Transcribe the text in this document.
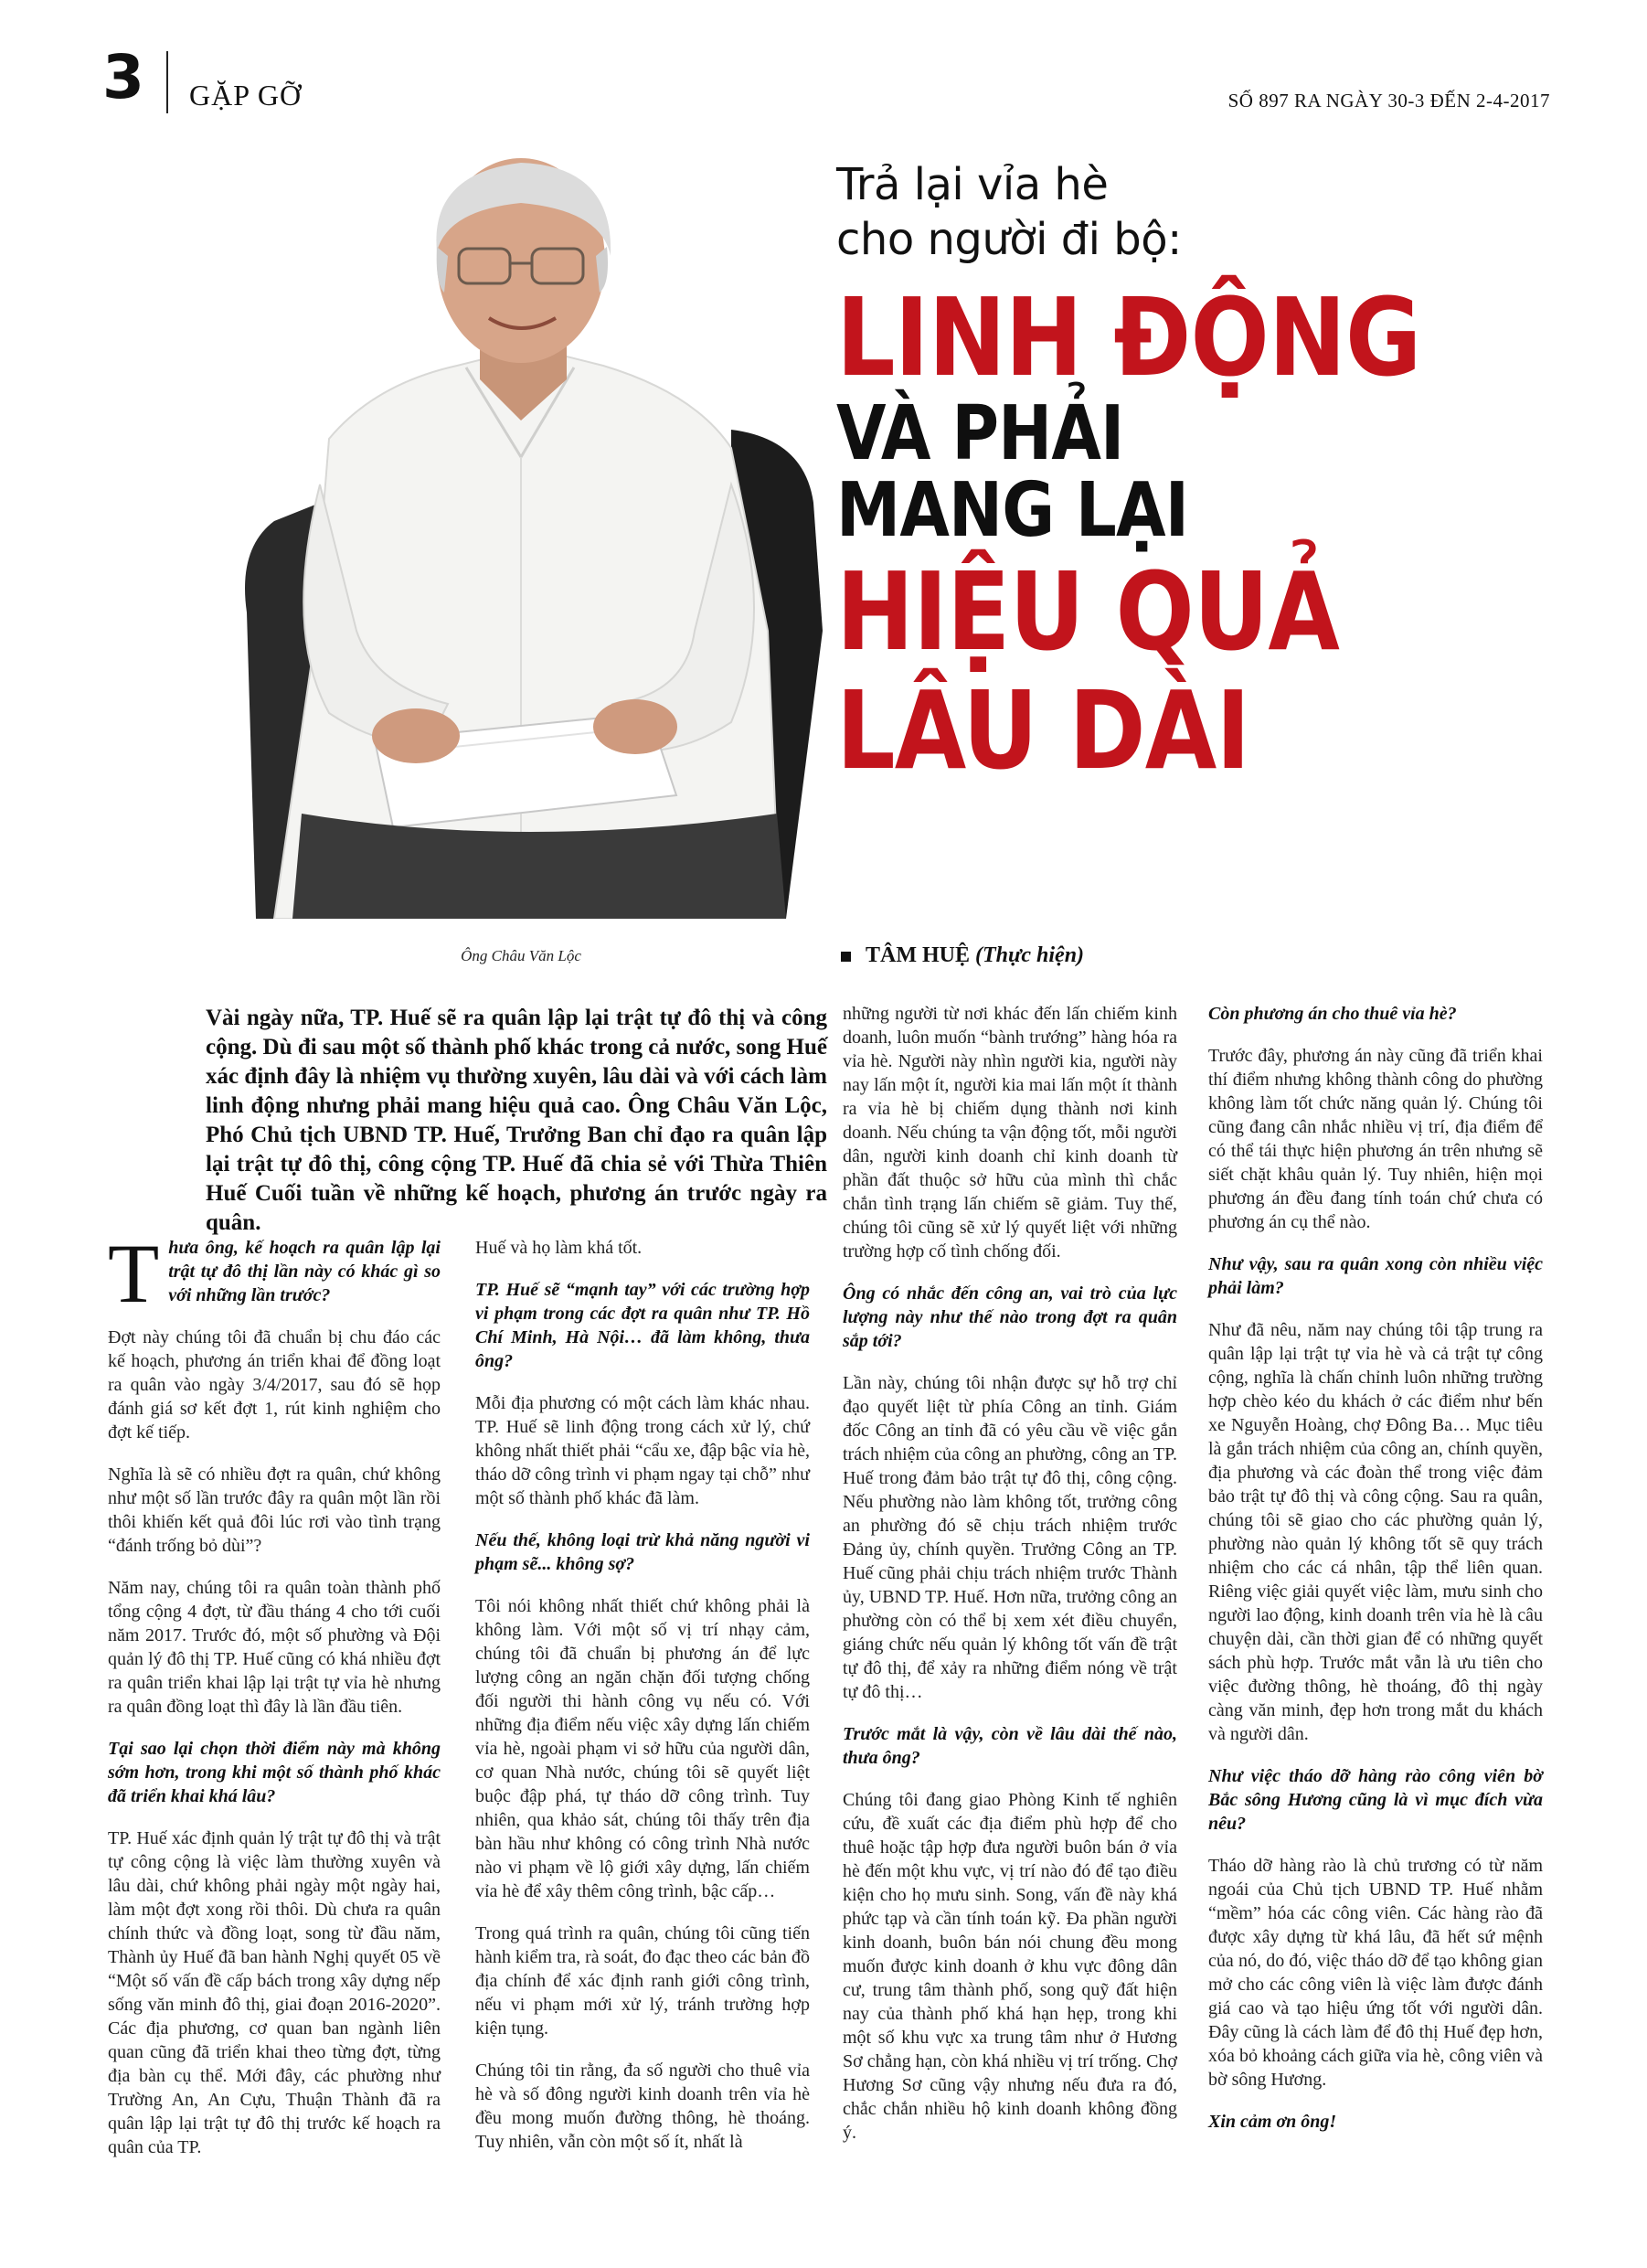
3 GẶP GỠ	SỐ 897 RA NGÀY 30-3 ĐẾN 2-4-2017
Ông Châu Văn Lộc
Trả lại vỉa hè
cho người đi bộ:
LINH ĐỘNG
VÀ PHẢI
MANG LẠI
HIỆU QUẢ
LÂU DÀI
TÂM HUỆ (Thực hiện)
Vài ngày nữa, TP. Huế sẽ ra quân lập lại trật tự đô thị và công cộng. Dù đi sau một số thành phố khác trong cả nước, song Huế xác định đây là nhiệm vụ thường xuyên, lâu dài và với cách làm linh động nhưng phải mang hiệu quả cao. Ông Châu Văn Lộc, Phó Chủ tịch UBND TP. Huế, Trưởng Ban chỉ đạo ra quân lập lại trật tự đô thị, công cộng TP. Huế đã chia sẻ với Thừa Thiên Huế Cuối tuần về những kế hoạch, phương án trước ngày ra quân.

Thưa ông, kế hoạch ra quân lập lại trật tự đô thị lần này có khác gì so với những lần trước?

Đợt này chúng tôi đã chuẩn bị chu đáo các kế hoạch, phương án triển khai để đồng loạt ra quân vào ngày 3/4/2017, sau đó sẽ họp đánh giá sơ kết đợt 1, rút kinh nghiệm cho đợt kế tiếp.

Nghĩa là sẽ có nhiều đợt ra quân, chứ không như một số lần trước đây ra quân một lần rồi thôi khiến kết quả đôi lúc rơi vào tình trạng “đánh trống bỏ dùi”?

Năm nay, chúng tôi ra quân toàn thành phố tổng cộng 4 đợt, từ đầu tháng 4 cho tới cuối năm 2017. Trước đó, một số phường và Đội quản lý đô thị TP. Huế cũng có khá nhiều đợt ra quân triển khai lập lại trật tự vỉa hè nhưng ra quân đồng loạt thì đây là lần đầu tiên.

Tại sao lại chọn thời điểm này mà không sớm hơn, trong khi một số thành phố khác đã triển khai khá lâu?

TP. Huế xác định quản lý trật tự đô thị và trật tự công cộng là việc làm thường xuyên và lâu dài, chứ không phải ngày một ngày hai, làm một đợt xong rồi thôi. Dù chưa ra quân chính thức và đồng loạt, song từ đầu năm, Thành ủy Huế đã ban hành Nghị quyết 05 về “Một số vấn đề cấp bách trong xây dựng nếp sống văn minh đô thị, giai đoạn 2016-2020”. Các địa phương, cơ quan ban ngành liên quan cũng đã triển khai theo từng đợt, từng địa bàn cụ thể. Mới đây, các phường như Trường An, An Cựu, Thuận Thành đã ra quân lập lại trật tự đô thị trước kế hoạch ra quân của TP.

Huế và họ làm khá tốt.

TP. Huế sẽ “mạnh tay” với các trường hợp vi phạm trong các đợt ra quân như TP. Hồ Chí Minh, Hà Nội… đã làm không, thưa ông?

Mỗi địa phương có một cách làm khác nhau. TP. Huế sẽ linh động trong cách xử lý, chứ không nhất thiết phải “cẩu xe, đập bậc vỉa hè, tháo dỡ công trình vi phạm ngay tại chỗ” như một số thành phố khác đã làm.

Nếu thế, không loại trừ khả năng người vi phạm sẽ... không sợ?

Tôi nói không nhất thiết chứ không phải là không làm. Với một số vị trí nhạy cảm, chúng tôi đã chuẩn bị phương án để lực lượng công an ngăn chặn đối tượng chống đối người thi hành công vụ nếu có. Với những địa điểm nếu việc xây dựng lấn chiếm vỉa hè, ngoài phạm vi sở hữu của người dân, cơ quan Nhà nước, chúng tôi sẽ quyết liệt buộc đập phá, tự tháo dỡ công trình. Tuy nhiên, qua khảo sát, chúng tôi thấy trên địa bàn hầu như không có công trình Nhà nước nào vi phạm về lộ giới xây dựng, lấn chiếm vỉa hè để xây thêm công trình, bậc cấp…

Trong quá trình ra quân, chúng tôi cũng tiến hành kiểm tra, rà soát, đo đạc theo các bản đồ địa chính để xác định ranh giới công trình, nếu vi phạm mới xử lý, tránh trường hợp kiện tụng.

Chúng tôi tin rằng, đa số người cho thuê vỉa hè và số đông người kinh doanh trên vỉa hè đều mong muốn đường thông, hè thoáng. Tuy nhiên, vẫn còn một số ít, nhất là

những người từ nơi khác đến lấn chiếm kinh doanh, luôn muốn “bành trướng” hàng hóa ra vỉa hè. Người này nhìn người kia, người này nay lấn một ít, người kia mai lấn một ít thành ra vỉa hè bị chiếm dụng thành nơi kinh doanh. Nếu chúng ta vận động tốt, mỗi người dân, người kinh doanh chỉ kinh doanh từ phần đất thuộc sở hữu của mình thì chắc chắn tình trạng lấn chiếm sẽ giảm. Tuy thế, chúng tôi cũng sẽ xử lý quyết liệt với những trường hợp cố tình chống đối.

Ông có nhắc đến công an, vai trò của lực lượng này như thế nào trong đợt ra quân sắp tới?

Lần này, chúng tôi nhận được sự hỗ trợ chỉ đạo quyết liệt từ phía Công an tỉnh. Giám đốc Công an tỉnh đã có yêu cầu về việc gắn trách nhiệm của công an phường, công an TP. Huế trong đảm bảo trật tự đô thị, công cộng. Nếu phường nào làm không tốt, trưởng công an phường đó sẽ chịu trách nhiệm trước Đảng ủy, chính quyền. Trưởng Công an TP. Huế cũng phải chịu trách nhiệm trước Thành ủy, UBND TP. Huế. Hơn nữa, trưởng công an phường còn có thể bị xem xét điều chuyển, giáng chức nếu quản lý không tốt vấn đề trật tự đô thị, để xảy ra những điểm nóng về trật tự đô thị…

Trước mắt là vậy, còn về lâu dài thế nào, thưa ông?

Chúng tôi đang giao Phòng Kinh tế nghiên cứu, đề xuất các địa điểm phù hợp để cho thuê hoặc tập hợp đưa người buôn bán ở vỉa hè đến một khu vực, vị trí nào đó để tạo điều kiện cho họ mưu sinh. Song, vấn đề này khá phức tạp và cần tính toán kỹ. Đa phần người kinh doanh, buôn bán nói chung đều mong muốn được kinh doanh ở khu vực đông dân cư, trung tâm thành phố, song quỹ đất hiện nay của thành phố khá hạn hẹp, trong khi một số khu vực xa trung tâm như ở Hương Sơ chẳng hạn, còn khá nhiều vị trí trống. Chợ Hương Sơ cũng vậy nhưng nếu đưa ra đó, chắc chắn nhiều hộ kinh doanh không đồng ý.

Còn phương án cho thuê vỉa hè?

Trước đây, phương án này cũng đã triển khai thí điểm nhưng không thành công do phường không làm tốt chức năng quản lý. Chúng tôi cũng đang cân nhắc nhiều vị trí, địa điểm để có thể tái thực hiện phương án trên nhưng sẽ siết chặt khâu quản lý. Tuy nhiên, hiện mọi phương án đều đang tính toán chứ chưa có phương án cụ thể nào.

Như vậy, sau ra quân xong còn nhiều việc phải làm?

Như đã nêu, năm nay chúng tôi tập trung ra quân lập lại trật tự vỉa hè và cả trật tự công cộng, nghĩa là chấn chỉnh luôn những trường hợp chèo kéo du khách ở các điểm như bến xe Nguyễn Hoàng, chợ Đông Ba… Mục tiêu là gắn trách nhiệm của công an, chính quyền, địa phương và các đoàn thể trong việc đảm bảo trật tự đô thị và công cộng. Sau ra quân, chúng tôi sẽ giao cho các phường quản lý, phường nào quản lý không tốt sẽ quy trách nhiệm cho các cá nhân, tập thể liên quan. Riêng việc giải quyết việc làm, mưu sinh cho người lao động, kinh doanh trên vỉa hè là câu chuyện dài, cần thời gian để có những quyết sách phù hợp. Trước mắt vẫn là ưu tiên cho việc đường thông, hè thoáng, đô thị ngày càng văn minh, đẹp hơn trong mắt du khách và người dân.

Như việc tháo dỡ hàng rào công viên bờ Bắc sông Hương cũng là vì mục đích vừa nêu?

Tháo dỡ hàng rào là chủ trương có từ năm ngoái của Chủ tịch UBND TP. Huế nhằm “mềm” hóa các công viên. Các hàng rào đã được xây dựng từ khá lâu, đã hết sứ mệnh của nó, do đó, việc tháo dỡ để tạo không gian mở cho các công viên là việc làm được đánh giá cao và tạo hiệu ứng tốt với người dân. Đây cũng là cách làm để đô thị Huế đẹp hơn, xóa bỏ khoảng cách giữa vỉa hè, công viên và bờ sông Hương.

Xin cảm ơn ông!
